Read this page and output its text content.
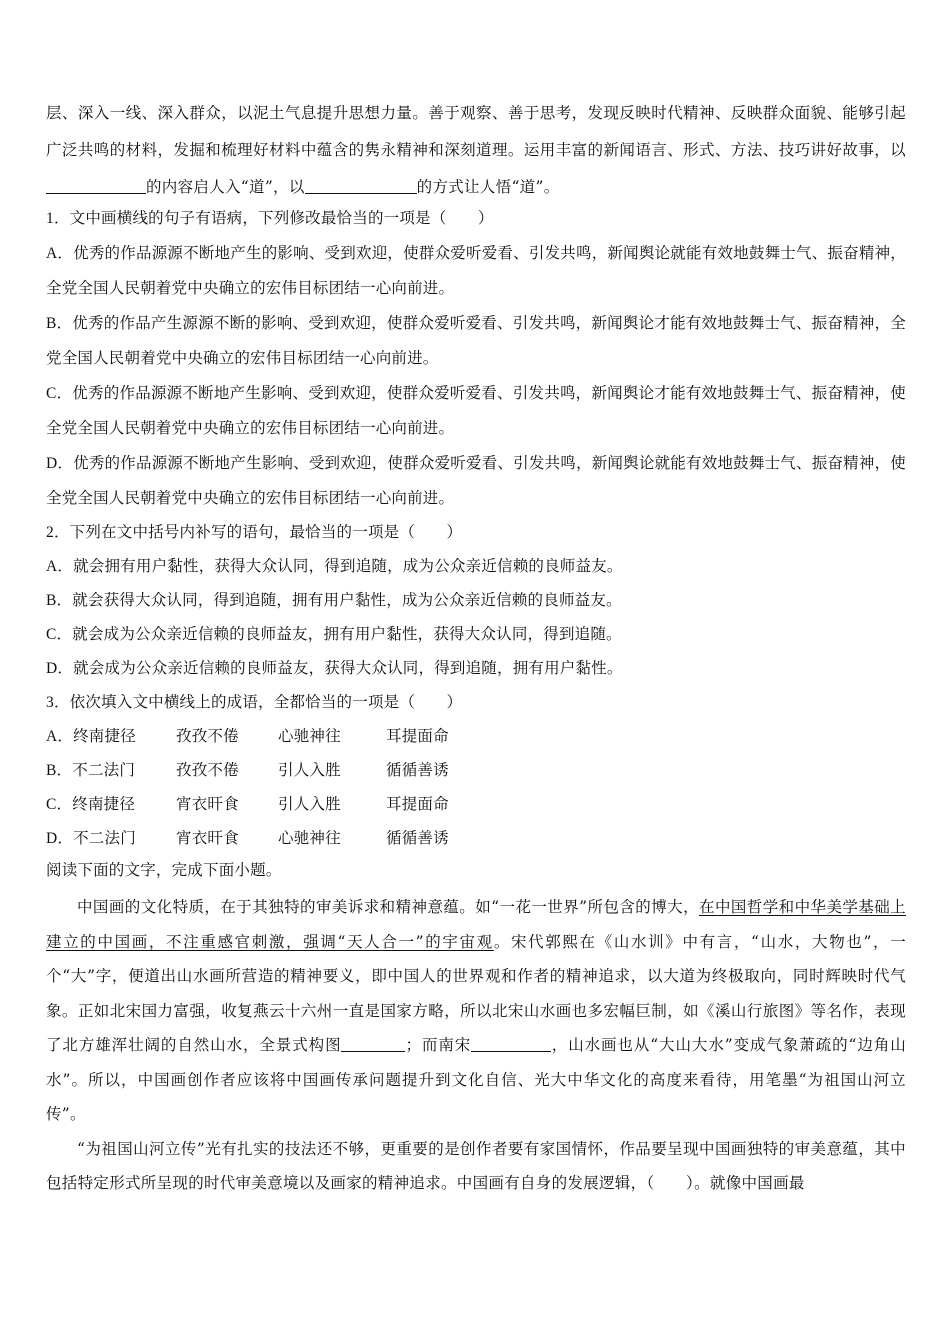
层、深入一线、深入群众，以泥土气息提升思想力量。善于观察、善于思考，发现反映时代精神、反映群众面貌、能够引起广泛共鸣的材料，发掘和梳理好材料中蕴含的隽永精神和深刻道理。运用丰富的新闻语言、形式、方法、技巧讲好故事，以的内容启人入“道”，以	的方式让人悟“道”。

1．文中画横线的句子有语病，下列修改最恰当的一项是（　　）

A．优秀的作品源源不断地产生的影响、受到欢迎，使群众爱听爱看、引发共鸣，新闻舆论就能有效地鼓舞士气、振奋精神，全党全国人民朝着党中央确立的宏伟目标团结一心向前进。

B．优秀的作品产生源源不断的影响、受到欢迎，使群众爱听爱看、引发共鸣，新闻舆论才能有效地鼓舞士气、振奋精神，全党全国人民朝着党中央确立的宏伟目标团结一心向前进。

C．优秀的作品源源不断地产生影响、受到欢迎，使群众爱听爱看、引发共鸣，新闻舆论才能有效地鼓舞士气、振奋精神，使全党全国人民朝着党中央确立的宏伟目标团结一心向前进。

D．优秀的作品源源不断地产生影响、受到欢迎，使群众爱听爱看、引发共鸣，新闻舆论就能有效地鼓舞士气、振奋精神，使全党全国人民朝着党中央确立的宏伟目标团结一心向前进。

2．下列在文中括号内补写的语句，最恰当的一项是（　　）

A．就会拥有用户黏性，获得大众认同，得到追随，成为公众亲近信赖的良师益友。

B．就会获得大众认同，得到追随，拥有用户黏性，成为公众亲近信赖的良师益友。

C．就会成为公众亲近信赖的良师益友，拥有用户黏性，获得大众认同，得到追随。

D．就会成为公众亲近信赖的良师益友，获得大众认同，得到追随，拥有用户黏性。

3．依次填入文中横线上的成语，全都恰当的一项是（　　）

A．终南捷径	孜孜不倦	心驰神往	耳提面命

B．不二法门	孜孜不倦	引人入胜	循循善诱

C．终南捷径	宵衣旰食	引人入胜	耳提面命

D．不二法门	宵衣旰食	心驰神往	循循善诱

阅读下面的文字，完成下面小题。

中国画的文化特质，在于其独特的审美诉求和精神意蕴。如“一花一世界”所包含的博大，在中国哲学和中华美学基础上建立的中国画，不注重感官刺激，强调“天人合一”的宇宙观。宋代郭熙在《山水训》中有言，“山水，大物也”，一个“大”字，便道出山水画所营造的精神要义，即中国人的世界观和作者的精神追求，以大道为终极取向，同时辉映时代气象。正如北宋国力富强，收复燕云十六州一直是国家方略，所以北宋山水画也多宏幅巨制，如《溪山行旅图》等名作，表现了北方雄浑壮阔的自然山水，全景式构图	；而南宋	，山水画也从“大山大水”变成气象萧疏的“边角山水”。所以，中国画创作者应该将中国画传承问题提升到文化自信、光大中华文化的高度来看待，用笔墨“为祖国山河立传”。

“为祖国山河立传”光有扎实的技法还不够，更重要的是创作者要有家国情怀，作品要呈现中国画独特的审美意蕴，其中包括特定形式所呈现的时代审美意境以及画家的精神追求。中国画有自身的发展逻辑，（　　）。就像中国画最
